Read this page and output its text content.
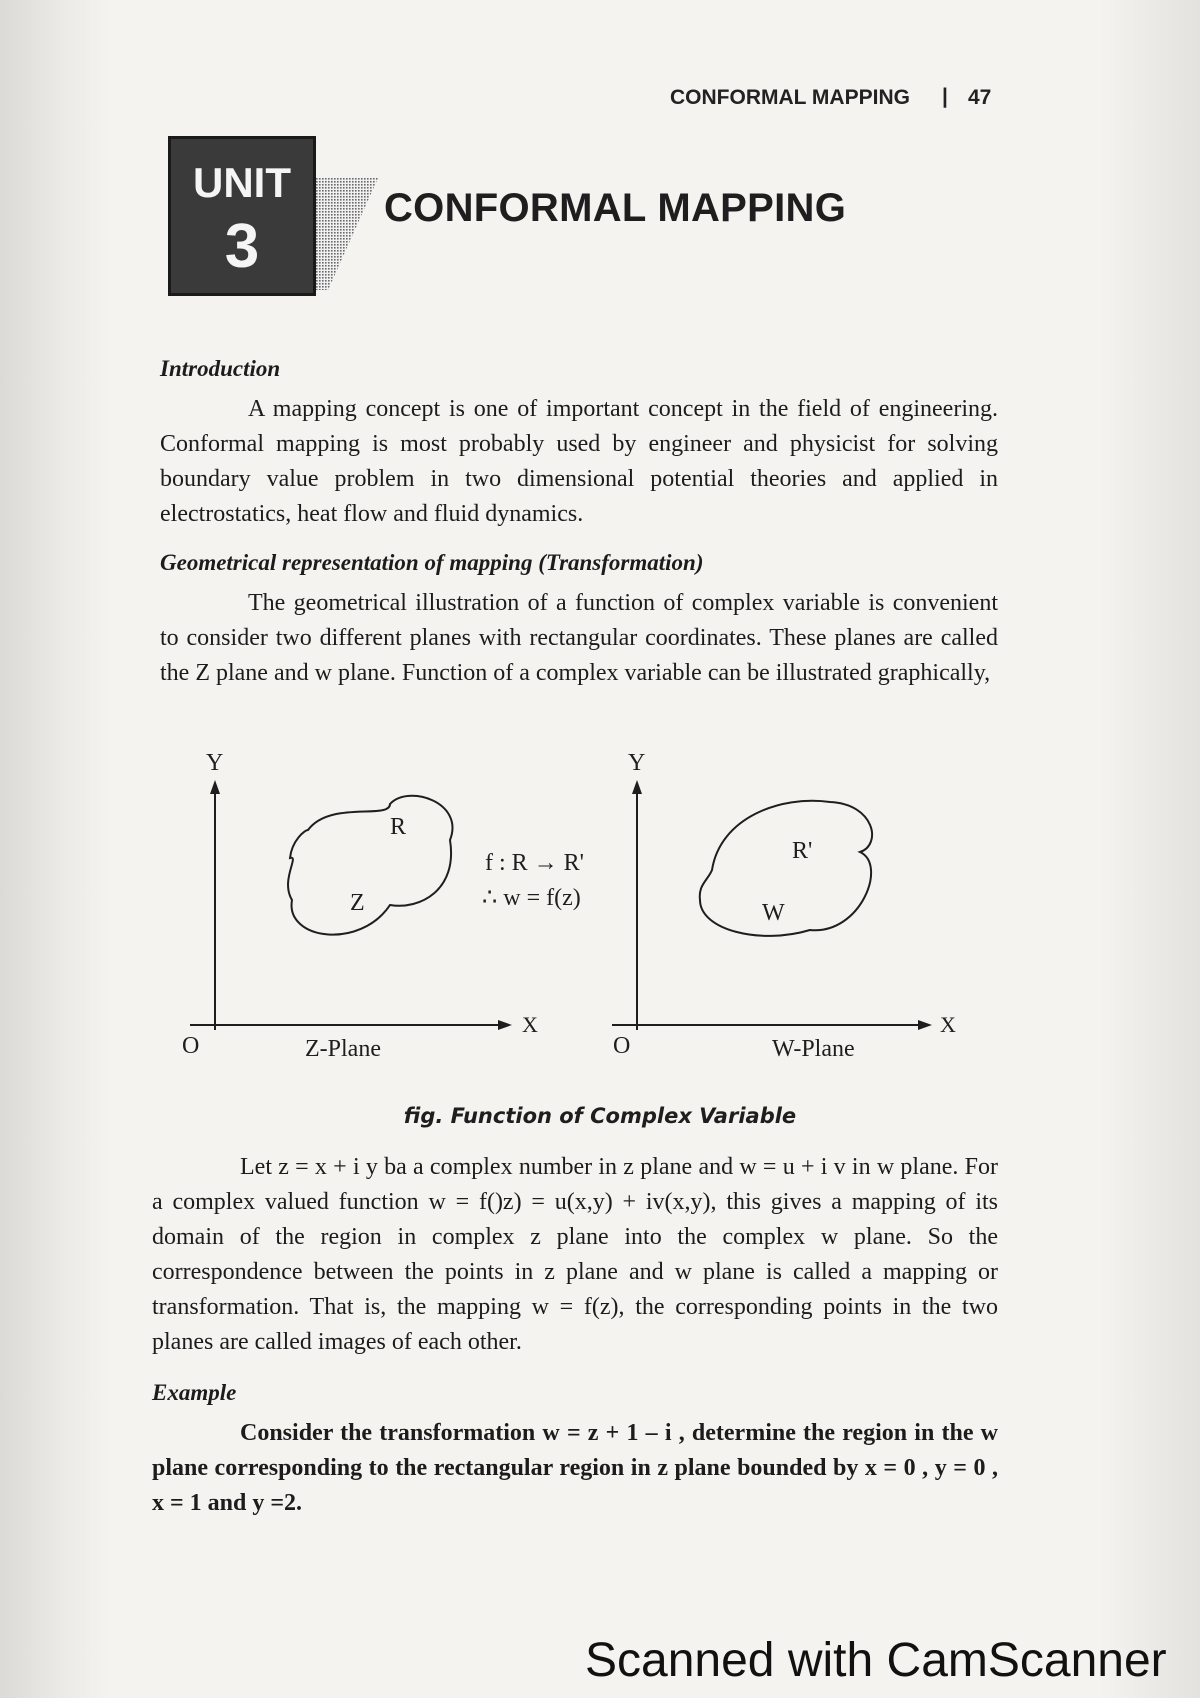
CONFORMAL MAPPING | 47
UNIT
3
CONFORMAL MAPPING
Introduction

A mapping concept is one of important concept in the field of engineering. Conformal mapping is most probably used by engineer and physicist for solving boundary value problem in two dimensional potential theories and applied in electrostatics, heat flow and fluid dynamics.

Geometrical representation of mapping (Transformation)

The geometrical illustration of a function of complex variable is convenient to consider two different planes with rectangular coordinates. These planes are called the Z plane and w plane. Function of a complex variable can be illustrated graphically,

Y
X
O	Z-Plane
R
Z
f : R → R'
∴ w = f(z)
Y
X
O	W-Plane
R'
W
fig. Function of Complex Variable

Let z = x + i y ba a complex number in z plane and w = u + i v in w plane. For a complex valued function w = f()z) = u(x,y) + iv(x,y), this gives a mapping of its domain of the region in complex z plane into the complex w plane. So the correspondence between the points in z plane and w plane is called a mapping or transformation. That is, the mapping w = f(z), the corresponding points in the two planes are called images of each other.

Example

Consider the transformation w = z + 1 – i , determine the region in the w plane corresponding to the rectangular region in z plane bounded by x = 0 , y = 0 , x = 1 and y =2.

Scanned with CamScanner
